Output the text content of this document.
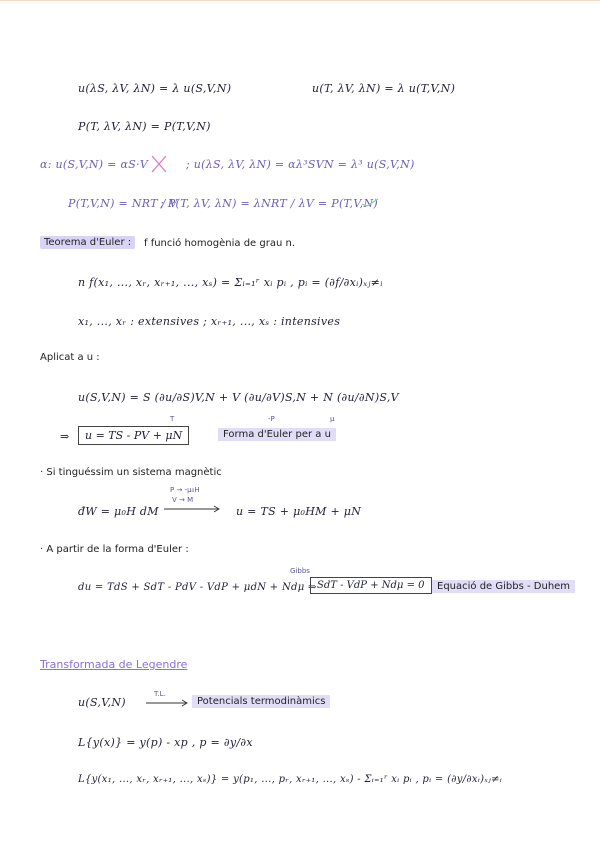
u(λS, λV, λN) = λ u(S,V,N)	u(T, λV, λN) = λ u(T,V,N)
P(T, λV, λN) = P(T,V,N)
α: u(S,V,N) = αS·V	; u(λS, λV, λN) = αλ³SVN = λ³ u(S,V,N)
P(T,V,N) = NRT / V
; P(T, λV, λN) = λNRT / λV = P(T,V,N)
Teorema d'Euler :	f funció homogènia de grau n.
n f(x₁, ..., xᵣ, xᵣ₊₁, ..., xₛ) = Σᵢ₌₁ʳ xᵢ pᵢ , pᵢ = (∂f/∂xᵢ)ₓⱼ≠ᵢ
x₁, ..., xᵣ : extensives ; xᵣ₊₁, ..., xₛ : intensives
Aplicat a u :
u(S,V,N) = S (∂u/∂S)V,N + V (∂u/∂V)S,N + N (∂u/∂N)S,V
T	-P	μ
⇒	u = TS - PV + μN	Forma d'Euler per a u
· Si tinguéssim un sistema magnètic
P → -μ₀H
V → M
đW = μ₀H dM	u = TS + μ₀HM + μN
· A partir de la forma d'Euler :
Gibbs
du = TdS + SdT - PdV - VdP + μdN + Ndμ ⇒ SdT - VdP + Ndμ = 0	Equació de Gibbs - Duhem
Transformada de Legendre
u(S,V,N)
T.L.
Potencials termodinàmics
L{y(x)} = y(p) - xp , p = ∂y/∂x
L{y(x₁, ..., xᵣ, xᵣ₊₁, ..., xₛ)} = y(p₁, ..., pᵣ, xᵣ₊₁, ..., xₛ) - Σᵢ₌₁ʳ xᵢ pᵢ , pᵢ = (∂y/∂xᵢ)ₓⱼ≠ᵢ
